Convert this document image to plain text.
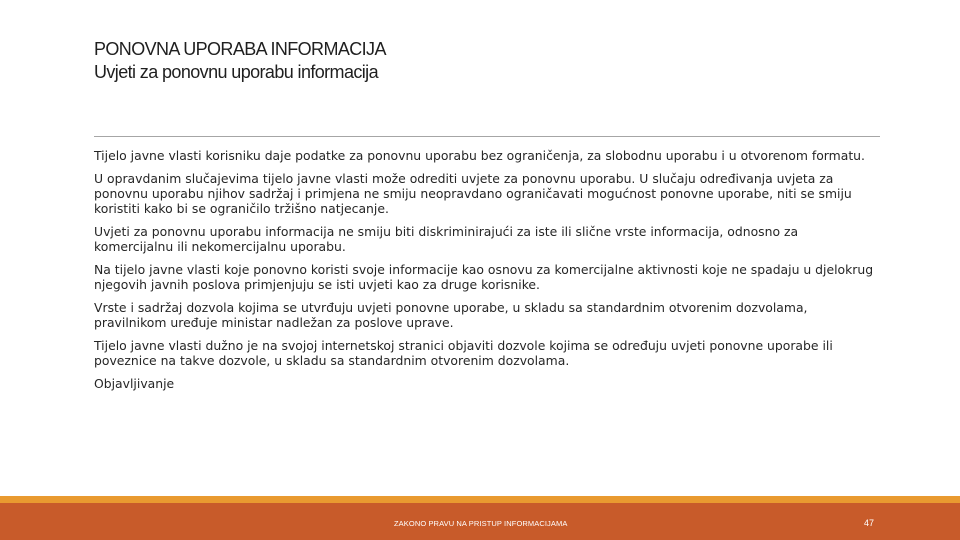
PONOVNA UPORABA INFORMACIJA
Uvjeti za ponovnu uporabu informacija

Tijelo javne vlasti korisniku daje podatke za ponovnu uporabu bez ograničenja, za slobodnu uporabu i u otvorenom formatu.

U opravdanim slučajevima tijelo javne vlasti može odrediti uvjete za ponovnu uporabu. U slučaju određivanja uvjeta za ponovnu uporabu njihov sadržaj i primjena ne smiju neopravdano ograničavati mogućnost ponovne uporabe, niti se smiju koristiti kako bi se ograničilo tržišno natjecanje.

Uvjeti za ponovnu uporabu informacija ne smiju biti diskriminirajući za iste ili slične vrste informacija, odnosno za komercijalnu ili nekomercijalnu uporabu.

Na tijelo javne vlasti koje ponovno koristi svoje informacije kao osnovu za komercijalne aktivnosti koje ne spadaju u djelokrug njegovih javnih poslova primjenjuju se isti uvjeti kao za druge korisnike.

Vrste i sadržaj dozvola kojima se utvrđuju uvjeti ponovne uporabe, u skladu sa standardnim otvorenim dozvolama, pravilnikom uređuje ministar nadležan za poslove uprave.

Tijelo javne vlasti dužno je na svojoj internetskoj stranici objaviti dozvole kojima se određuju uvjeti ponovne uporabe ili poveznice na takve dozvole, u skladu sa standardnim otvorenim dozvolama.

Objavljivanje

ZAKONO PRAVU NA PRISTUP INFORMACIJAMA	47
